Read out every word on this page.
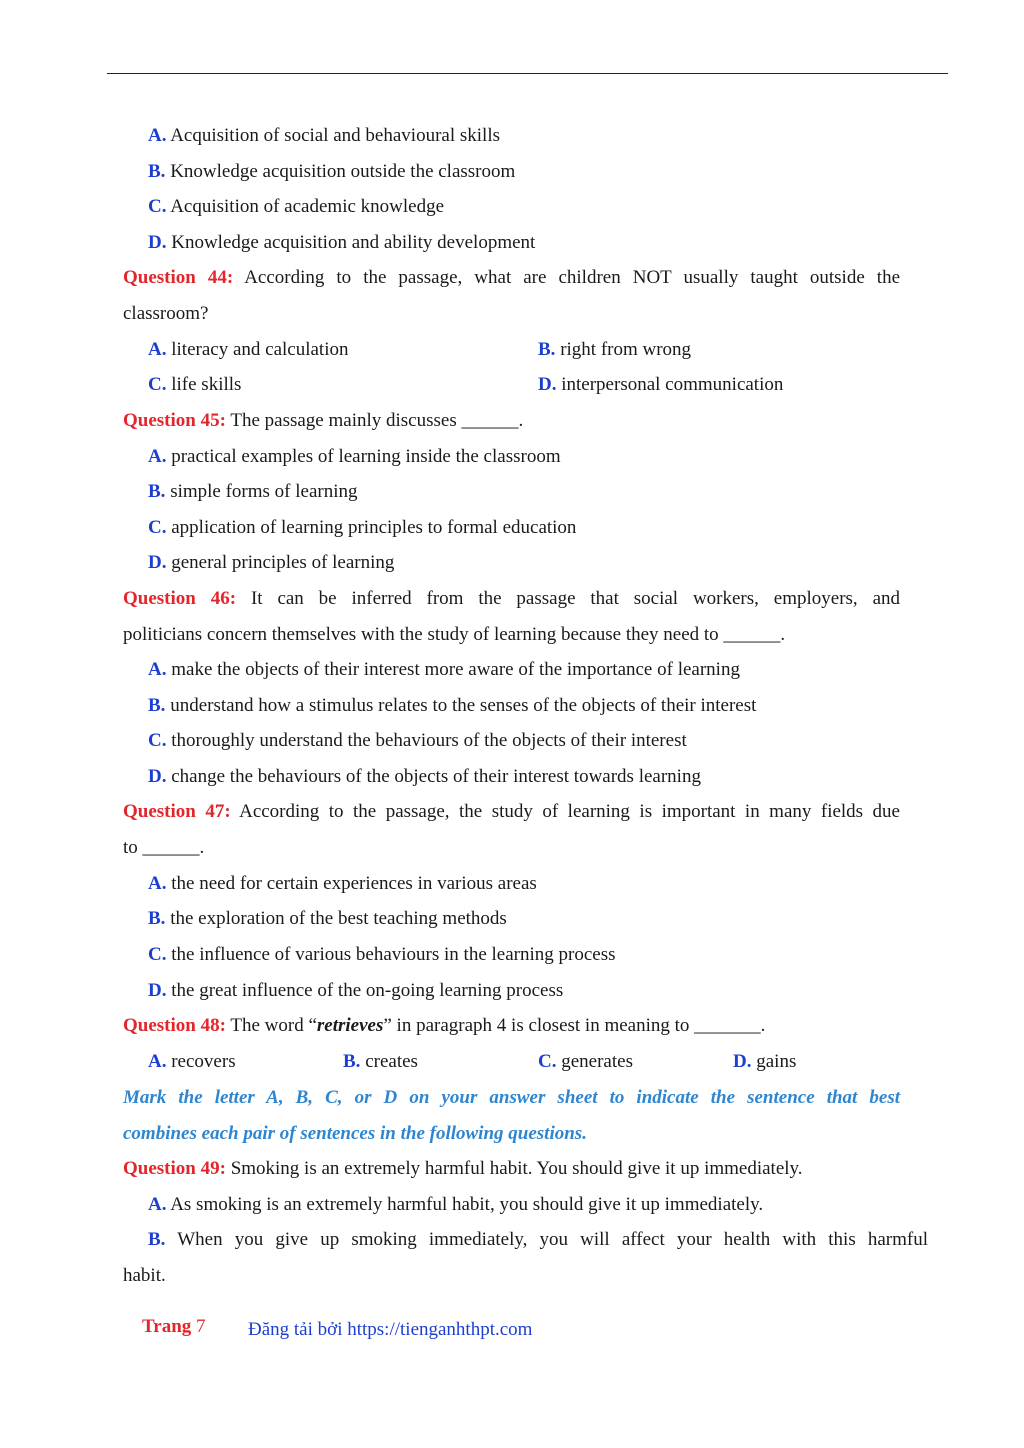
A. Acquisition of social and behavioural skills
B. Knowledge acquisition outside the classroom
C. Acquisition of academic knowledge
D. Knowledge acquisition and ability development
Question 44: According to the passage, what are children NOT usually taught outside the
classroom?
A. literacy and calculation	B. right from wrong
C. life skills	D. interpersonal communication
Question 45: The passage mainly discusses ______.
A. practical examples of learning inside the classroom
B. simple forms of learning
C. application of learning principles to formal education
D. general principles of learning
Question 46: It can be inferred from the passage that social workers, employers, and
politicians concern themselves with the study of learning because they need to ______.
A. make the objects of their interest more aware of the importance of learning
B. understand how a stimulus relates to the senses of the objects of their interest
C. thoroughly understand the behaviours of the objects of their interest
D. change the behaviours of the objects of their interest towards learning
Question 47: According to the passage, the study of learning is important in many fields due
to ______.
A. the need for certain experiences in various areas
B. the exploration of the best teaching methods
C. the influence of various behaviours in the learning process
D. the great influence of the on-going learning process
Question 48: The word “retrieves” in paragraph 4 is closest in meaning to _______.
A. recovers	B. creates	C. generates	D. gains
Mark the letter A, B, C, or D on your answer sheet to indicate the sentence that best
combines each pair of sentences in the following questions.
Question 49: Smoking is an extremely harmful habit. You should give it up immediately.
A. As smoking is an extremely harmful habit, you should give it up immediately.
B. When you give up smoking immediately, you will affect your health with this harmful
habit.
Trang 7 Đăng tải bởi https://tienganhthpt.com
